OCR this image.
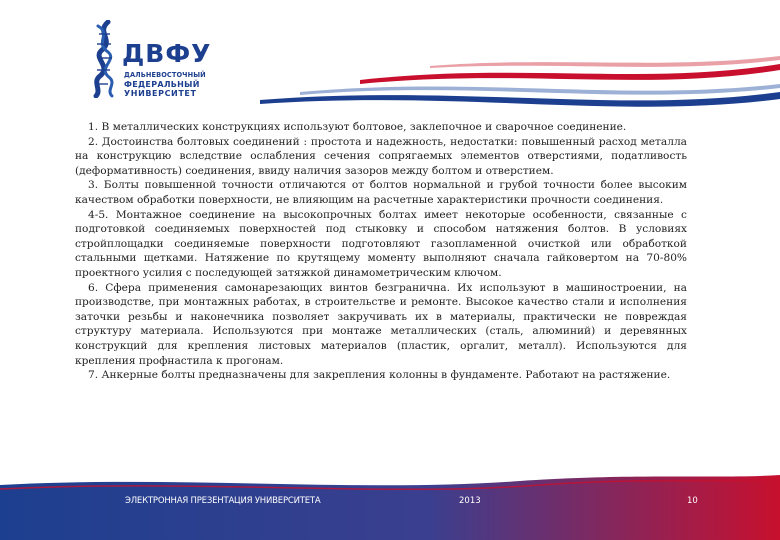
ДВФУ
ДАЛЬНЕВОСТОЧНЫЙ
ФЕДЕРАЛЬНЫЙ
УНИВЕРСИТЕТ

1. В металлических конструкциях используют болтовое, заклепочное и сварочное соединение.

2. Достоинства болтовых соединений : простота и надежность, недостатки: повышенный расход металла на конструкцию вследствие ослабления сечения сопрягаемых элементов отверстиями, податливость (деформативность) соединения, ввиду наличия зазоров между болтом и отверстием.

3. Болты повышенной точности отличаются от болтов нормальной и грубой точности более высоким качеством обработки поверхности, не влияющим на расчетные характеристики прочности соединения.

4-5. Монтажное соединение на высокопрочных болтах имеет некоторые особенности, связанные с подготовкой соединяемых поверхностей под стыковку и способом натяжения болтов. В условиях стройплощадки соединяемые поверхности подготовляют газопламенной очисткой или обработкой стальными щетками. Натяжение по крутящему моменту выполняют сначала гайковертом на 70-80% проектного усилия с последующей затяжкой динамометрическим ключом.

6. Сфера применения самонарезающих винтов безгранична. Их используют в машиностроении, на производстве, при монтажных работах, в строительстве и ремонте. Высокое качество стали и исполнения заточки резьбы и наконечника позволяет закручивать их в материалы, практически не повреждая структуру материала. Используются при монтаже металлических (сталь, алюминий) и деревянных конструкций для крепления листовых материалов (пластик, оргалит, металл). Используются для крепления профнастила к прогонам.

7. Анкерные болты предназначены для закрепления колонны в фундаменте. Работают на растяжение.

ЭЛЕКТРОННАЯ ПРЕЗЕНТАЦИЯ УНИВЕРСИТЕТА	2013	10
